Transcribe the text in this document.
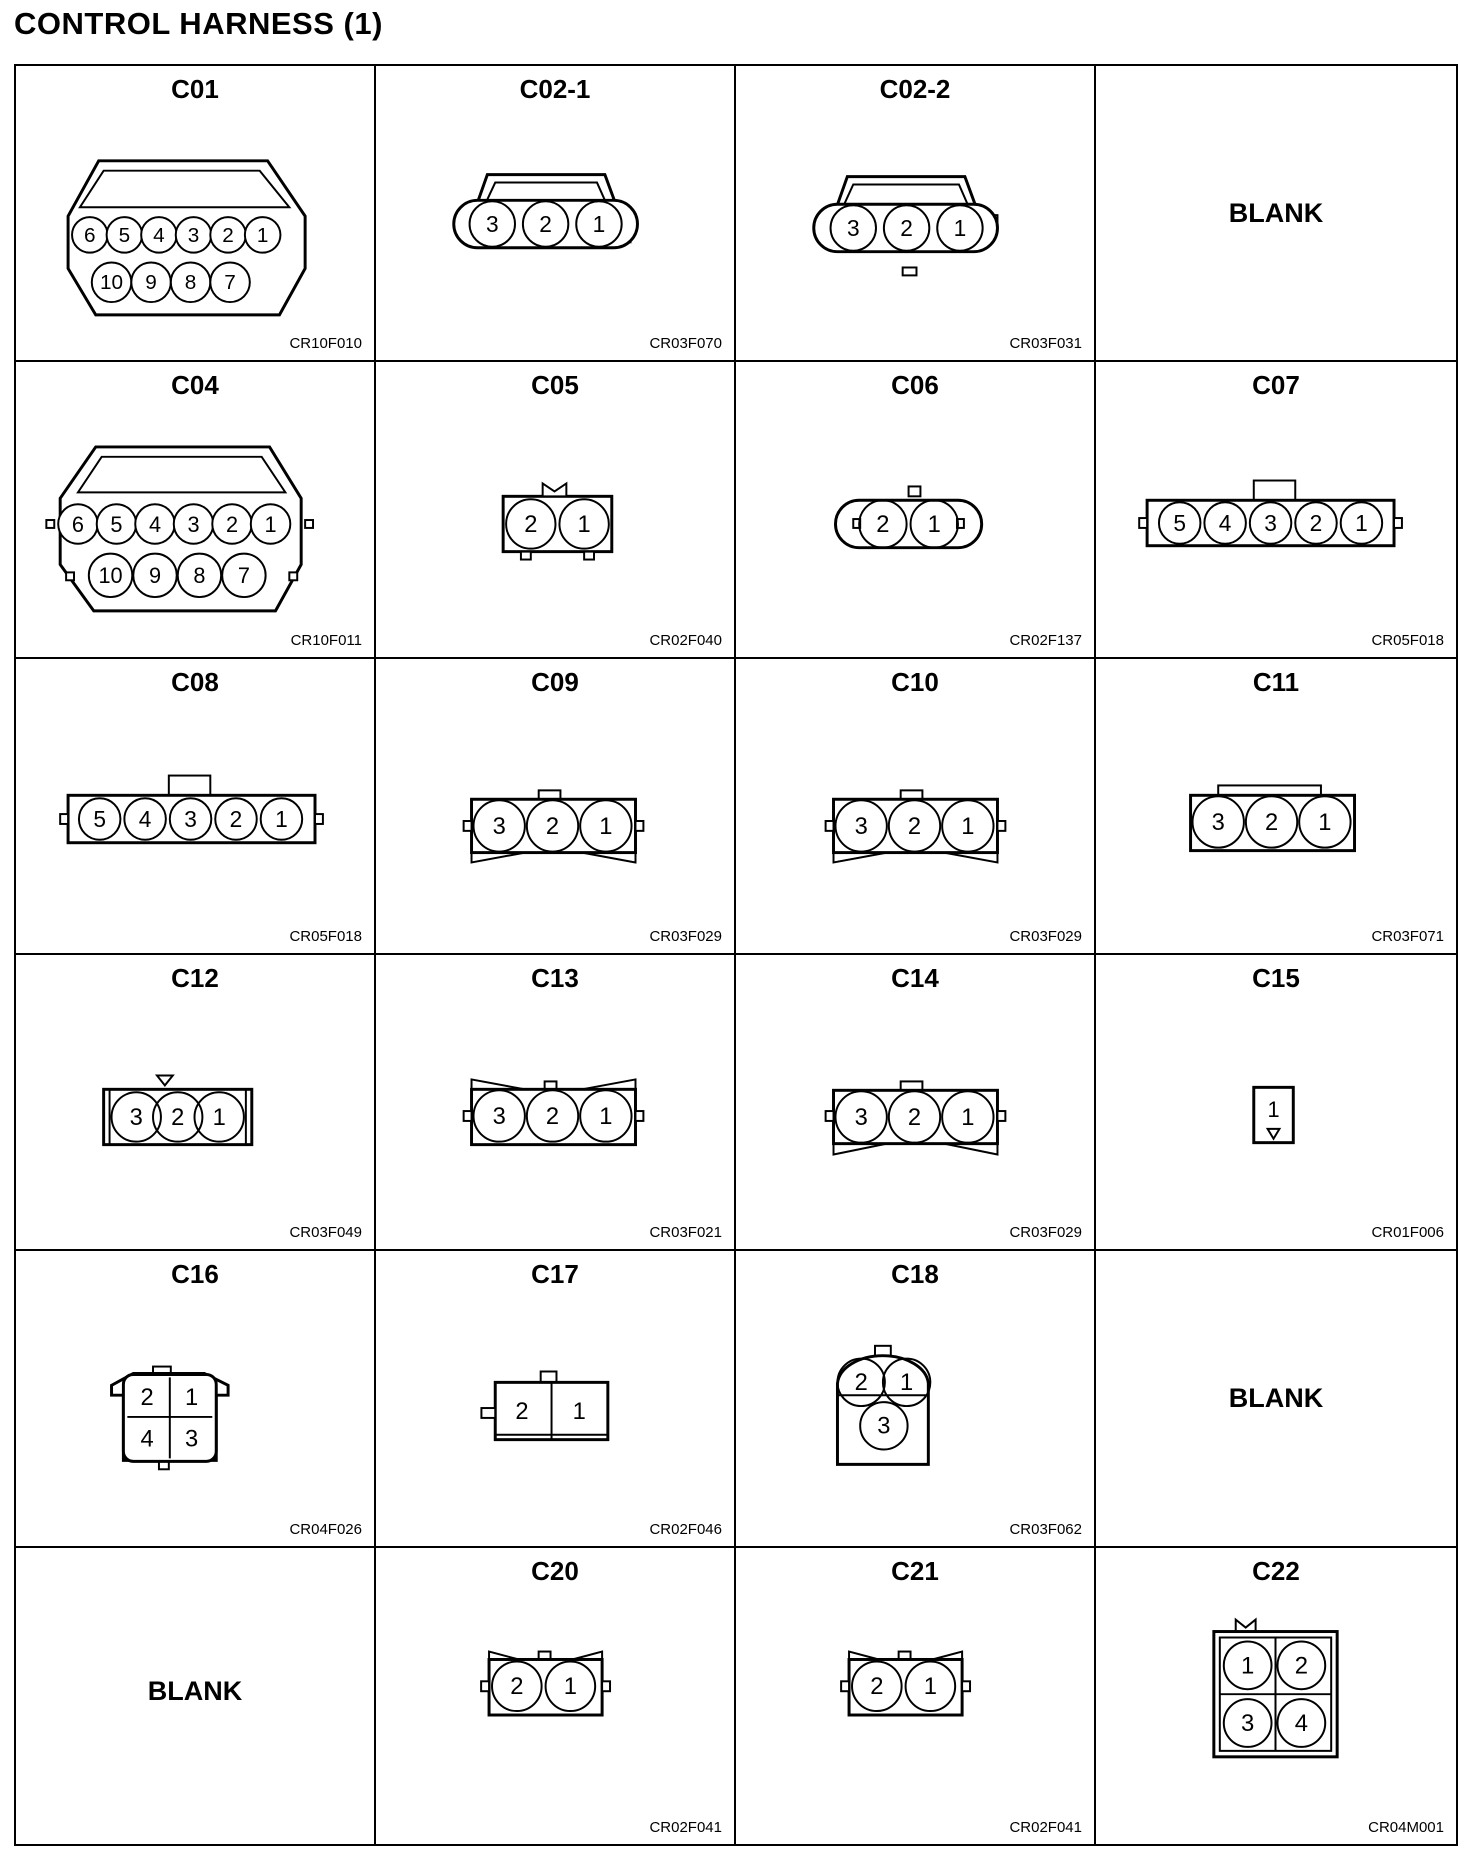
CONTROL HARNESS (1)
C01
6 5 4 3 2 1
10 9 8 7
CR10F010
C02-1
3 2 1
CR03F070
C02-2
3 2 1
CR03F031
BLANK
C04
6 5 4 3 2 1
10 9 8 7
CR10F011
C05
2 1
CR02F040
C06
2 1
CR02F137
C07
5 4 3 2 1
CR05F018
C08
5 4 3 2 1
CR05F018
C09
3 2 1
CR03F029
C10
3 2 1
CR03F029
C11
3 2 1
CR03F071
C12
3 2 1
CR03F049
C13
3 2 1
CR03F021
C14
3 2 1
CR03F029
C15
1
CR01F006
C16
2 1
4 3
CR04F026
C17
2 1
CR02F046
C18
2 1
3
CR03F062
BLANK
BLANK
C20
2 1
CR02F041
C21
2 1
CR02F041
C22
1 2
3 4
CR04M001
